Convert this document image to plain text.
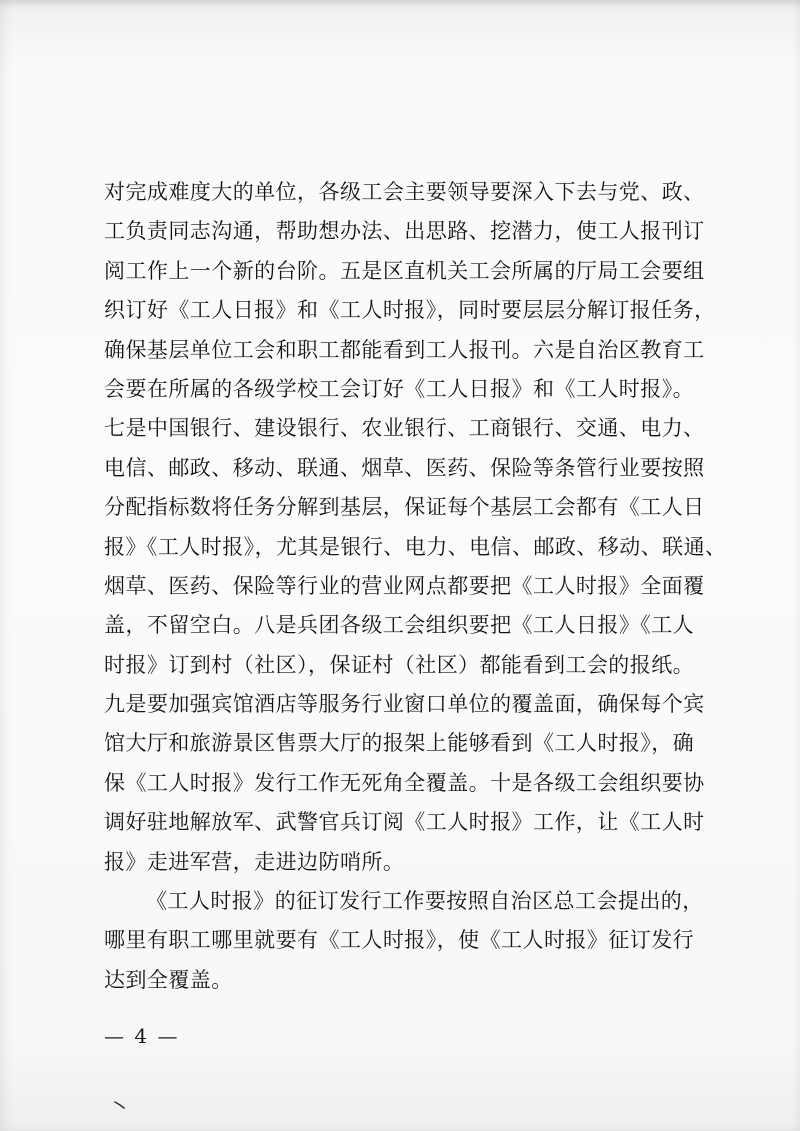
对完成难度大的单位，各级工会主要领导要深入下去与党、政、
工负责同志沟通，帮助想办法、出思路、挖潜力，使工人报刊订
阅工作上一个新的台阶。五是区直机关工会所属的厅局工会要组
织订好《工人日报》和《工人时报》，同时要层层分解订报任务，
确保基层单位工会和职工都能看到工人报刊。六是自治区教育工
会要在所属的各级学校工会订好《工人日报》和《工人时报》。
七是中国银行、建设银行、农业银行、工商银行、交通、电力、
电信、邮政、移动、联通、烟草、医药、保险等条管行业要按照
分配指标数将任务分解到基层，保证每个基层工会都有《工人日
报》《工人时报》，尤其是银行、电力、电信、邮政、移动、联通、
烟草、医药、保险等行业的营业网点都要把《工人时报》全面覆
盖，不留空白。八是兵团各级工会组织要把《工人日报》《工人
时报》订到村（社区），保证村（社区）都能看到工会的报纸。
九是要加强宾馆酒店等服务行业窗口单位的覆盖面，确保每个宾
馆大厅和旅游景区售票大厅的报架上能够看到《工人时报》，确
保《工人时报》发行工作无死角全覆盖。十是各级工会组织要协
调好驻地解放军、武警官兵订阅《工人时报》工作，让《工人时
报》走进军营，走进边防哨所。
《工人时报》的征订发行工作要按照自治区总工会提出的，
哪里有职工哪里就要有《工人时报》，使《工人时报》征订发行
达到全覆盖。
— 4 —
